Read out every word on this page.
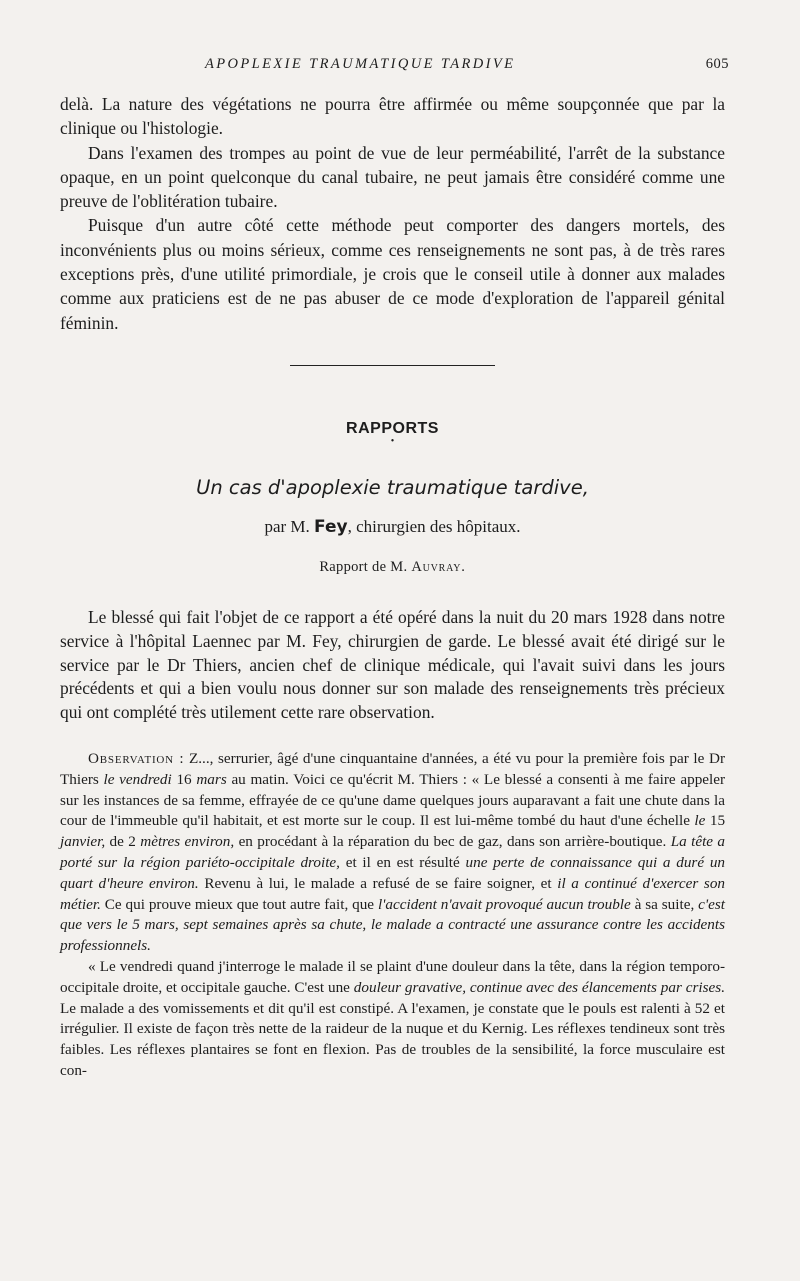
APOPLEXIE TRAUMATIQUE TARDIVE	605

delà. La nature des végétations ne pourra être affirmée ou même soupçonnée que par la clinique ou l'histologie.

Dans l'examen des trompes au point de vue de leur perméabilité, l'arrêt de la substance opaque, en un point quelconque du canal tubaire, ne peut jamais être considéré comme une preuve de l'oblitération tubaire.

Puisque d'un autre côté cette méthode peut comporter des dangers mortels, des inconvénients plus ou moins sérieux, comme ces renseignements ne sont pas, à de très rares exceptions près, d'une utilité primordiale, je crois que le conseil utile à donner aux malades comme aux praticiens est de ne pas abuser de ce mode d'exploration de l'appareil génital féminin.

RAPPORTS
•
Un cas d'apoplexie traumatique tardive,
par M. Fey, chirurgien des hôpitaux.
Rapport de M. Auvray.

Le blessé qui fait l'objet de ce rapport a été opéré dans la nuit du 20 mars 1928 dans notre service à l'hôpital Laennec par M. Fey, chirurgien de garde. Le blessé avait été dirigé sur le service par le Dr Thiers, ancien chef de clinique médicale, qui l'avait suivi dans les jours précédents et qui a bien voulu nous donner sur son malade des renseignements très précieux qui ont complété très utilement cette rare observation.

Observation : Z..., serrurier, âgé d'une cinquantaine d'années, a été vu pour la première fois par le Dr Thiers le vendredi 16 mars au matin. Voici ce qu'écrit M. Thiers : « Le blessé a consenti à me faire appeler sur les instances de sa femme, effrayée de ce qu'une dame quelques jours auparavant a fait une chute dans la cour de l'immeuble qu'il habitait, et est morte sur le coup. Il est lui-même tombé du haut d'une échelle le 15 janvier, de 2 mètres environ, en procédant à la réparation du bec de gaz, dans son arrière-boutique. La tête a porté sur la région pariéto-occipitale droite, et il en est résulté une perte de connaissance qui a duré un quart d'heure environ. Revenu à lui, le malade a refusé de se faire soigner, et il a continué d'exercer son métier. Ce qui prouve mieux que tout autre fait, que l'accident n'avait provoqué aucun trouble à sa suite, c'est que vers le 5 mars, sept semaines après sa chute, le malade a contracté une assurance contre les accidents professionnels.

« Le vendredi quand j'interroge le malade il se plaint d'une douleur dans la tête, dans la région temporo-occipitale droite, et occipitale gauche. C'est une douleur gravative, continue avec des élancements par crises. Le malade a des vomissements et dit qu'il est constipé. A l'examen, je constate que le pouls est ralenti à 52 et irrégulier. Il existe de façon très nette de la raideur de la nuque et du Kernig. Les réflexes tendineux sont très faibles. Les réflexes plantaires se font en flexion. Pas de troubles de la sensibilité, la force musculaire est con-
